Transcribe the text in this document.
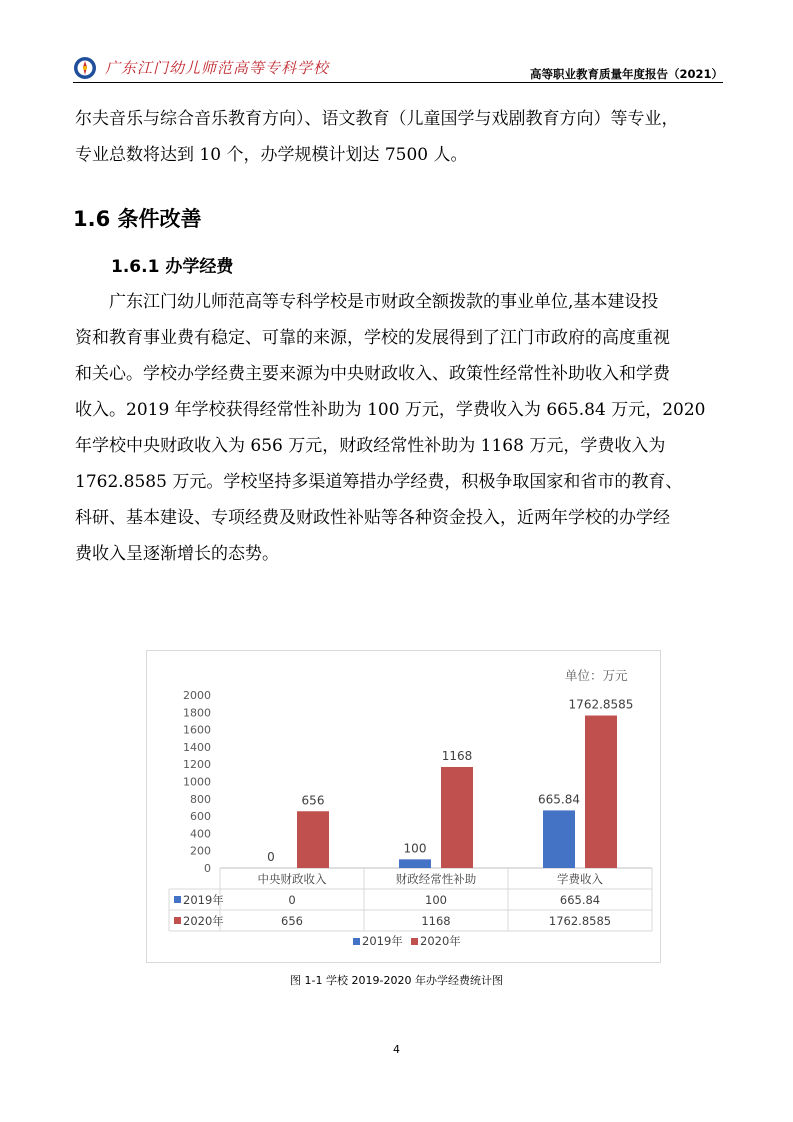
广东江门幼儿师范高等专科学校	高等职业教育质量年度报告（2021）
尔夫音乐与综合音乐教育方向）、语文教育（儿童国学与戏剧教育方向）等专业，
专业总数将达到 10 个，办学规模计划达 7500 人。
1.6 条件改善
1.6.1 办学经费
广东江门幼儿师范高等专科学校是市财政全额拨款的事业单位,基本建设投
资和教育事业费有稳定、可靠的来源，学校的发展得到了江门市政府的高度重视
和关心。学校办学经费主要来源为中央财政收入、政策性经常性补助收入和学费
收入。2019 年学校获得经常性补助为 100 万元，学费收入为 665.84 万元，2020
年学校中央财政收入为 656 万元，财政经常性补助为 1168 万元，学费收入为
1762.8585 万元。学校坚持多渠道筹措办学经费，积极争取国家和省市的教育、
科研、基本建设、专项经费及财政性补贴等各种资金投入，近两年学校的办学经
费收入呈逐渐增长的态势。
单位：万元
0
200
400
600
800
1000
1200
1400
1600
1800
2000
0
656
100
1168
665.84
1762.8585
中央财政收入	财政经常性补助	学费收入
2019年	0	100	665.84
2020年	656	1168	1762.8585
2019年 2020年
图 1-1 学校 2019-2020 年办学经费统计图
4
